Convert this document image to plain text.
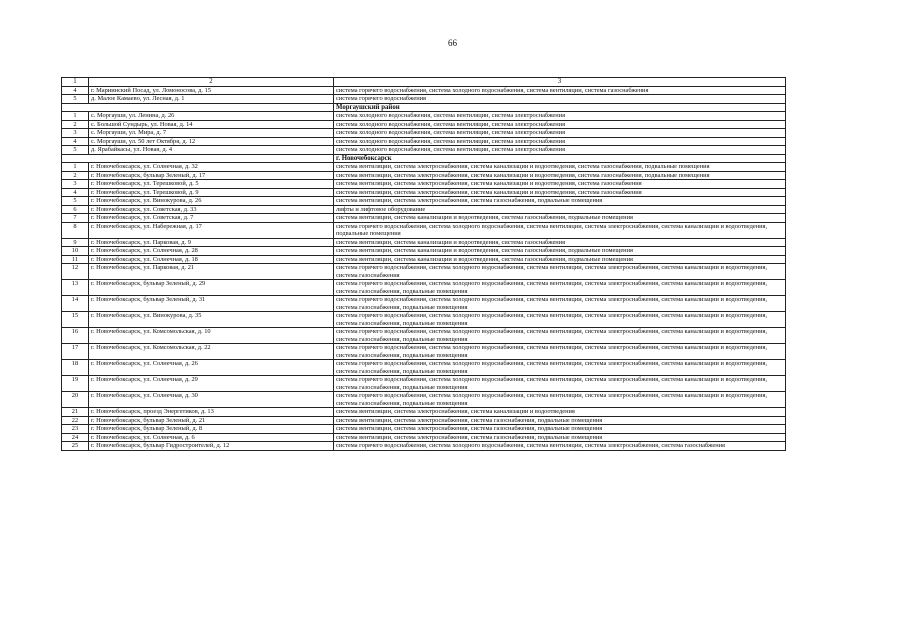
66
1	2	3
4	г. Мариинский Посад, ул. Ломоносова, д. 15	система горячего водоснабжения, система холодного водоснабжения, система вентиляции, система газоснабжения
5	д. Малое Камаево, ул. Лесная, д. 1	система горячего водоснабжения
		Моргаушский район
1	с. Моргауши, ул. Ленина, д. 26	система холодного водоснабжения, система вентиляции, система электроснабжения
2	с. Большой Сундырь, ул. Новая, д. 14	система холодного водоснабжения, система вентиляции, система электроснабжения
3	с. Моргауши, ул. Мира, д. 7	система холодного водоснабжения, система вентиляции, система электроснабжения
4	с. Моргауши, ул. 50 лет Октября, д. 12	система холодного водоснабжения, система вентиляции, система электроснабжения
5	д. Ярабайкасы, ул. Новая, д. 4	система холодного водоснабжения, система вентиляции, система электроснабжения
		г. Новочебоксарск
1	г. Новочебоксарск, ул. Солнечная, д. 32	система вентиляции, система электроснабжения, система канализации и водоотведения, система газоснабжения, подвальные помещения
2	г. Новочебоксарск, бульвар Зеленый, д. 17	система вентиляции, система электроснабжения, система канализации и водоотведения, система газоснабжения, подвальные помещения
3	г. Новочебоксарск, ул. Терешковой, д. 5	система вентиляции, система электроснабжения, система канализации и водоотведения, система газоснабжения
4	г. Новочебоксарск, ул. Терешковой, д. 9	система вентиляции, система электроснабжения, система канализации и водоотведения, система газоснабжения
5	г. Новочебоксарск, ул. Винокурова, д. 26	система вентиляции, система электроснабжения, система газоснабжения, подвальные помещения
6	г. Новочебоксарск, ул. Советская, д. 33	лифты и лифтовое оборудование
7	г. Новочебоксарск, ул. Советская, д. 7	система вентиляции, система канализации и водоотведения, система газоснабжения, подвальные помещения
8	г. Новочебоксарск, ул. Набережная, д. 17	система горячего водоснабжения, система холодного водоснабжения, система вентиляции, система электроснабжения, система канализации и водоотведения, подвальные помещения
9	г. Новочебоксарск, ул. Парковая, д. 9	система вентиляции, система канализации и водоотведения, система газоснабжения
10	г. Новочебоксарск, ул. Солнечная, д. 28	система вентиляции, система канализации и водоотведения, система газоснабжения, подвальные помещения
11	г. Новочебоксарск, ул. Солнечная, д. 18	система вентиляции, система канализации и водоотведения, система газоснабжения, подвальные помещения
12	г. Новочебоксарск, ул. Парковая, д. 21	система горячего водоснабжения, система холодного водоснабжения, система вентиляции, система электроснабжения, система канализации и водоотведения, система газоснабжения
13	г. Новочебоксарск, бульвар Зеленый, д. 29	система горячего водоснабжения, система холодного водоснабжения, система вентиляции, система электроснабжения, система канализации и водоотведения, система газоснабжения, подвальные помещения
14	г. Новочебоксарск, бульвар Зеленый, д. 31	система горячего водоснабжения, система холодного водоснабжения, система вентиляции, система электроснабжения, система канализации и водоотведения, система газоснабжения, подвальные помещения
15	г. Новочебоксарск, ул. Винокурова, д. 35	система горячего водоснабжения, система холодного водоснабжения, система вентиляции, система электроснабжения, система канализации и водоотведения, система газоснабжения, подвальные помещения
16	г. Новочебоксарск, ул. Комсомольская, д. 10	система горячего водоснабжения, система холодного водоснабжения, система вентиляции, система электроснабжения, система канализации и водоотведения, система газоснабжения, подвальные помещения
17	г. Новочебоксарск, ул. Комсомольская, д. 22	система горячего водоснабжения, система холодного водоснабжения, система вентиляции, система электроснабжения, система канализации и водоотведения, система газоснабжения, подвальные помещения
18	г. Новочебоксарск, ул. Солнечная, д. 26	система горячего водоснабжения, система холодного водоснабжения, система вентиляции, система электроснабжения, система канализации и водоотведения, система газоснабжения, подвальные помещения
19	г. Новочебоксарск, ул. Солнечная, д. 29	система горячего водоснабжения, система холодного водоснабжения, система вентиляции, система электроснабжения, система канализации и водоотведения, система газоснабжения, подвальные помещения
20	г. Новочебоксарск, ул. Солнечная, д. 30	система горячего водоснабжения, система холодного водоснабжения, система вентиляции, система электроснабжения, система канализации и водоотведения, система газоснабжения, подвальные помещения
21	г. Новочебоксарск, проезд Энергетиков, д. 13	система вентиляции, система электроснабжения, система канализации и водоотведения
22	г. Новочебоксарск, бульвар Зеленый, д. 21	система вентиляции, система электроснабжения, система газоснабжения, подвальные помещения
23	г. Новочебоксарск, бульвар Зеленый, д. 8	система вентиляции, система электроснабжения, система газоснабжения, подвальные помещения
24	г. Новочебоксарск, ул. Солнечная, д. 6	система вентиляции, система электроснабжения, система газоснабжения, подвальные помещения
25	г. Новочебоксарск, бульвар Гидростроителей, д. 12	система горячего водоснабжения, система холодного водоснабжения, система вентиляции, система электроснабжения, система газоснабжения
